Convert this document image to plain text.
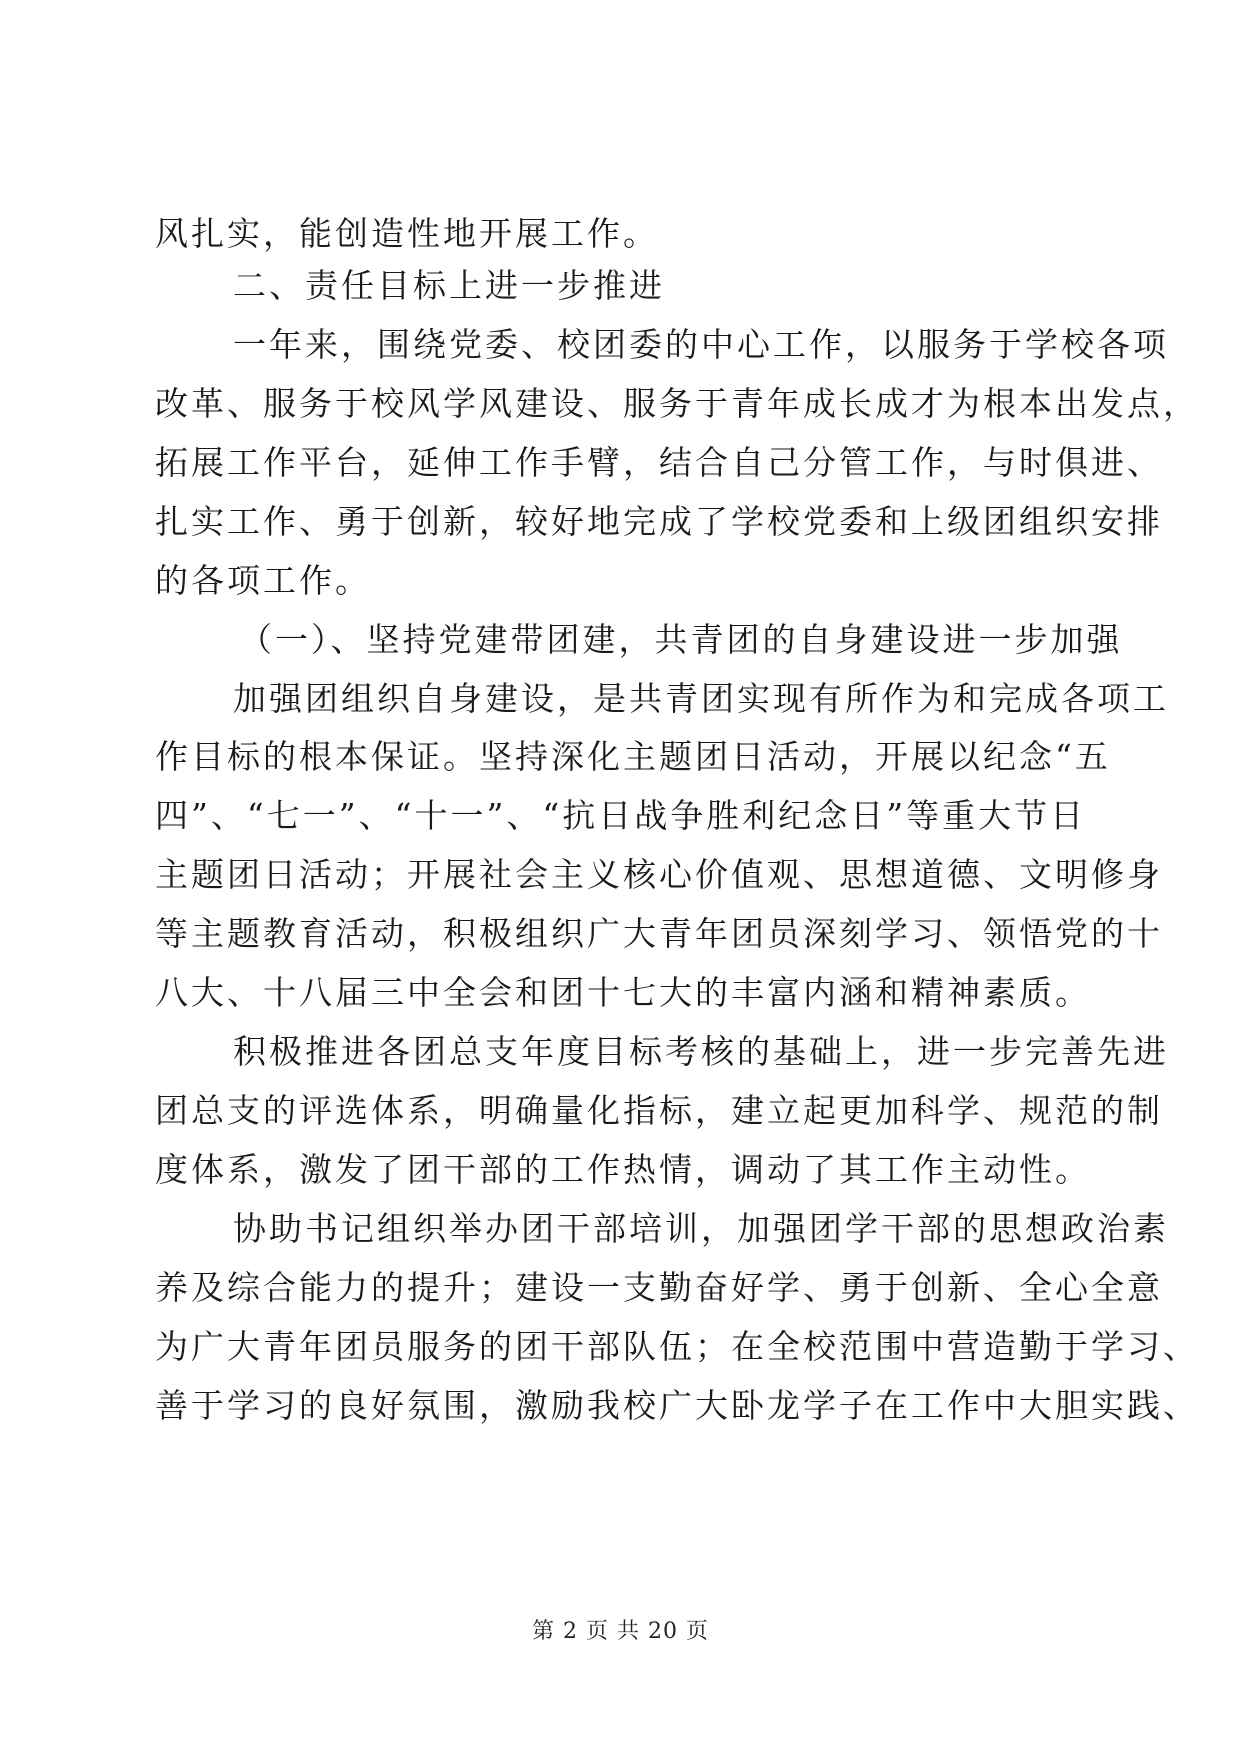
风扎实，能创造性地开展工作。
二、责任目标上进一步推进
一年来，围绕党委、校团委的中心工作，以服务于学校各项
改革、服务于校风学风建设、服务于青年成长成才为根本出发点，
拓展工作平台，延伸工作手臂，结合自己分管工作，与时俱进、
扎实工作、勇于创新，较好地完成了学校党委和上级团组织安排
的各项工作。
（一）、坚持党建带团建，共青团的自身建设进一步加强
加强团组织自身建设，是共青团实现有所作为和完成各项工
作目标的根本保证。坚持深化主题团日活动，开展以纪念“五
四”、“七一”、“十一”、“抗日战争胜利纪念日”等重大节日
主题团日活动；开展社会主义核心价值观、思想道德、文明修身
等主题教育活动，积极组织广大青年团员深刻学习、领悟党的十
八大、十八届三中全会和团十七大的丰富内涵和精神素质。
积极推进各团总支年度目标考核的基础上，进一步完善先进
团总支的评选体系，明确量化指标，建立起更加科学、规范的制
度体系，激发了团干部的工作热情，调动了其工作主动性。
协助书记组织举办团干部培训，加强团学干部的思想政治素
养及综合能力的提升；建设一支勤奋好学、勇于创新、全心全意
为广大青年团员服务的团干部队伍；在全校范围中营造勤于学习、
善于学习的良好氛围，激励我校广大卧龙学子在工作中大胆实践、
第 2 页 共 20 页
